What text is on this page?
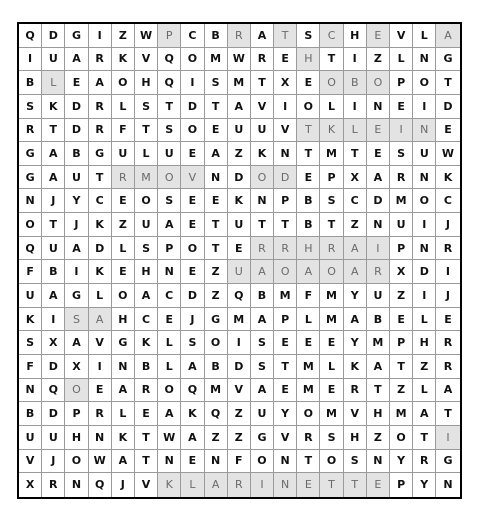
Q	D	G	I	Z	W	P	C	B	R	A	T	S	C	H	E	V	L	A
I	U	A	R	K	V	Q	O	M	W	R	E	H	T	I	Z	L	N	G
B	L	E	A	O	H	Q	I	S	M	T	X	E	O	B	O	P	O	T
S	K	D	R	L	S	T	D	T	A	V	I	O	L	I	N	E	I	D
R	T	D	R	F	T	S	O	E	U	U	V	T	K	L	E	I	N	E
G	A	B	G	U	L	U	E	A	Z	K	N	T	M	T	E	S	U	W
G	A	U	T	R	M	O	V	N	D	O	D	E	P	X	A	R	N	K
N	J	Y	C	E	O	S	E	E	K	N	P	B	S	C	D	M	O	C
O	T	J	K	Z	U	A	E	T	U	T	T	B	T	Z	N	U	I	J
Q	U	A	D	L	S	P	O	T	E	R	R	H	R	A	I	P	N	R
F	B	I	K	E	H	N	E	Z	U	A	O	A	O	A	R	X	D	I
U	A	G	L	O	A	C	D	Z	Q	B	M	F	M	Y	U	Z	I	J
K	I	S	A	H	C	E	J	G	M	A	P	L	M	A	B	E	L	E
S	X	A	V	G	K	L	S	O	I	S	E	E	E	Y	M	P	H	R
F	D	X	I	N	B	L	A	B	D	S	T	M	L	K	A	T	Z	R
N	Q	O	E	A	R	O	Q	M	V	A	E	M	E	R	T	Z	L	A
B	D	P	R	L	E	A	K	Q	Z	U	Y	O	M	V	H	M	A	T
U	U	H	N	K	T	W	A	Z	Z	G	V	R	S	H	Z	O	T	I
V	J	O	W	A	T	N	E	N	F	O	N	T	O	S	N	Y	R	G
X	R	N	Q	J	V	K	L	A	R	I	N	E	T	T	E	P	Y	N
